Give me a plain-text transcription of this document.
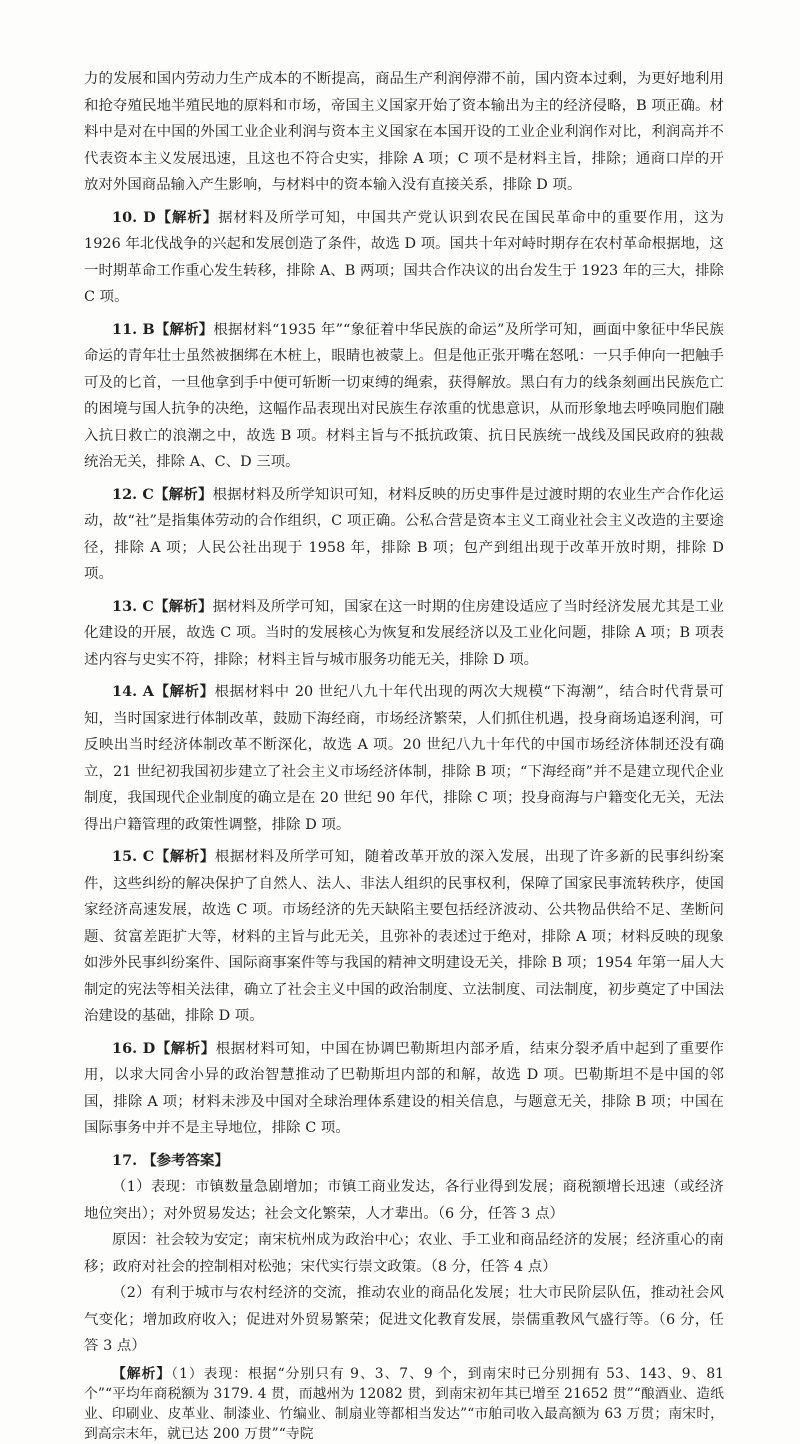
力的发展和国内劳动力生产成本的不断提高，商品生产利润停滞不前，国内资本过剩，为更好地利用和抢夺殖民地半殖民地的原料和市场，帝国主义国家开始了资本输出为主的经济侵略，B 项正确。材料中是对在中国的外国工业企业利润与资本主义国家在本国开设的工业企业利润作对比，利润高并不代表资本主义发展迅速，且这也不符合史实，排除 A 项；C 项不是材料主旨，排除；通商口岸的开放对外国商品输入产生影响，与材料中的资本输入没有直接关系，排除 D 项。

10. D【解析】据材料及所学可知，中国共产党认识到农民在国民革命中的重要作用，这为 1926 年北伐战争的兴起和发展创造了条件，故选 D 项。国共十年对峙时期存在农村革命根据地，这一时期革命工作重心发生转移，排除 A、B 两项；国共合作决议的出台发生于 1923 年的三大，排除 C 项。

11. B【解析】根据材料“1935 年”“象征着中华民族的命运”及所学可知，画面中象征中华民族命运的青年壮士虽然被捆绑在木桩上，眼睛也被蒙上。但是他正张开嘴在怒吼：一只手伸向一把触手可及的匕首，一旦他拿到手中便可斩断一切束缚的绳索，获得解放。黑白有力的线条刻画出民族危亡的困境与国人抗争的决绝，这幅作品表现出对民族生存浓重的忧患意识，从而形象地去呼唤同胞们融入抗日救亡的浪潮之中，故选 B 项。材料主旨与不抵抗政策、抗日民族统一战线及国民政府的独裁统治无关，排除 A、C、D 三项。

12. C【解析】根据材料及所学知识可知，材料反映的历史事件是过渡时期的农业生产合作化运动，故“社”是指集体劳动的合作组织，C 项正确。公私合营是资本主义工商业社会主义改造的主要途径，排除 A 项；人民公社出现于 1958 年，排除 B 项；包产到组出现于改革开放时期，排除 D 项。

13. C【解析】据材料及所学可知，国家在这一时期的住房建设适应了当时经济发展尤其是工业化建设的开展，故选 C 项。当时的发展核心为恢复和发展经济以及工业化问题，排除 A 项；B 项表述内容与史实不符，排除；材料主旨与城市服务功能无关，排除 D 项。

14. A【解析】根据材料中 20 世纪八九十年代出现的两次大规模“下海潮”，结合时代背景可知，当时国家进行体制改革，鼓励下海经商，市场经济繁荣，人们抓住机遇，投身商场追逐利润，可反映出当时经济体制改革不断深化，故选 A 项。20 世纪八九十年代的中国市场经济体制还没有确立，21 世纪初我国初步建立了社会主义市场经济体制，排除 B 项；“下海经商”并不是建立现代企业制度，我国现代企业制度的确立是在 20 世纪 90 年代，排除 C 项；投身商海与户籍变化无关，无法得出户籍管理的政策性调整，排除 D 项。

15. C【解析】根据材料及所学可知，随着改革开放的深入发展，出现了许多新的民事纠纷案件，这些纠纷的解决保护了自然人、法人、非法人组织的民事权利，保障了国家民事流转秩序，使国家经济高速发展，故选 C 项。市场经济的先天缺陷主要包括经济波动、公共物品供给不足、垄断问题、贫富差距扩大等，材料的主旨与此无关，且弥补的表述过于绝对，排除 A 项；材料反映的现象如涉外民事纠纷案件、国际商事案件等与我国的精神文明建设无关，排除 B 项；1954 年第一届人大制定的宪法等相关法律，确立了社会主义中国的政治制度、立法制度、司法制度，初步奠定了中国法治建设的基础，排除 D 项。

16. D【解析】根据材料可知，中国在协调巴勒斯坦内部矛盾，结束分裂矛盾中起到了重要作用，以求大同舍小异的政治智慧推动了巴勒斯坦内部的和解，故选 D 项。巴勒斯坦不是中国的邻国，排除 A 项；材料未涉及中国对全球治理体系建设的相关信息，与题意无关，排除 B 项；中国在国际事务中并不是主导地位，排除 C 项。

17. 【参考答案】

（1）表现：市镇数量急剧增加；市镇工商业发达，各行业得到发展；商税额增长迅速（或经济地位突出）；对外贸易发达；社会文化繁荣，人才辈出。（6 分，任答 3 点）

原因：社会较为安定；南宋杭州成为政治中心；农业、手工业和商品经济的发展；经济重心的南移；政府对社会的控制相对松弛；宋代实行崇文政策。（8 分，任答 4 点）

（2）有利于城市与农村经济的交流，推动农业的商品化发展；壮大市民阶层队伍，推动社会风气变化；增加政府收入；促进对外贸易繁荣；促进文化教育发展，崇儒重教风气盛行等。（6 分，任答 3 点）

【解析】（1）表现：根据“分别只有 9、3、7、9 个，到南宋时已分别拥有 53、143、9、81 个”“平均年商税额为 3179. 4 贯，而越州为 12082 贯，到南宋初年其已增至 21652 贯”“酿酒业、造纸业、印刷业、皮革业、制漆业、竹编业、制扇业等都相当发达”“市舶司收入最高额为 63 万贯；南宋时，到高宗末年，就已达 200 万贯”“寺院
